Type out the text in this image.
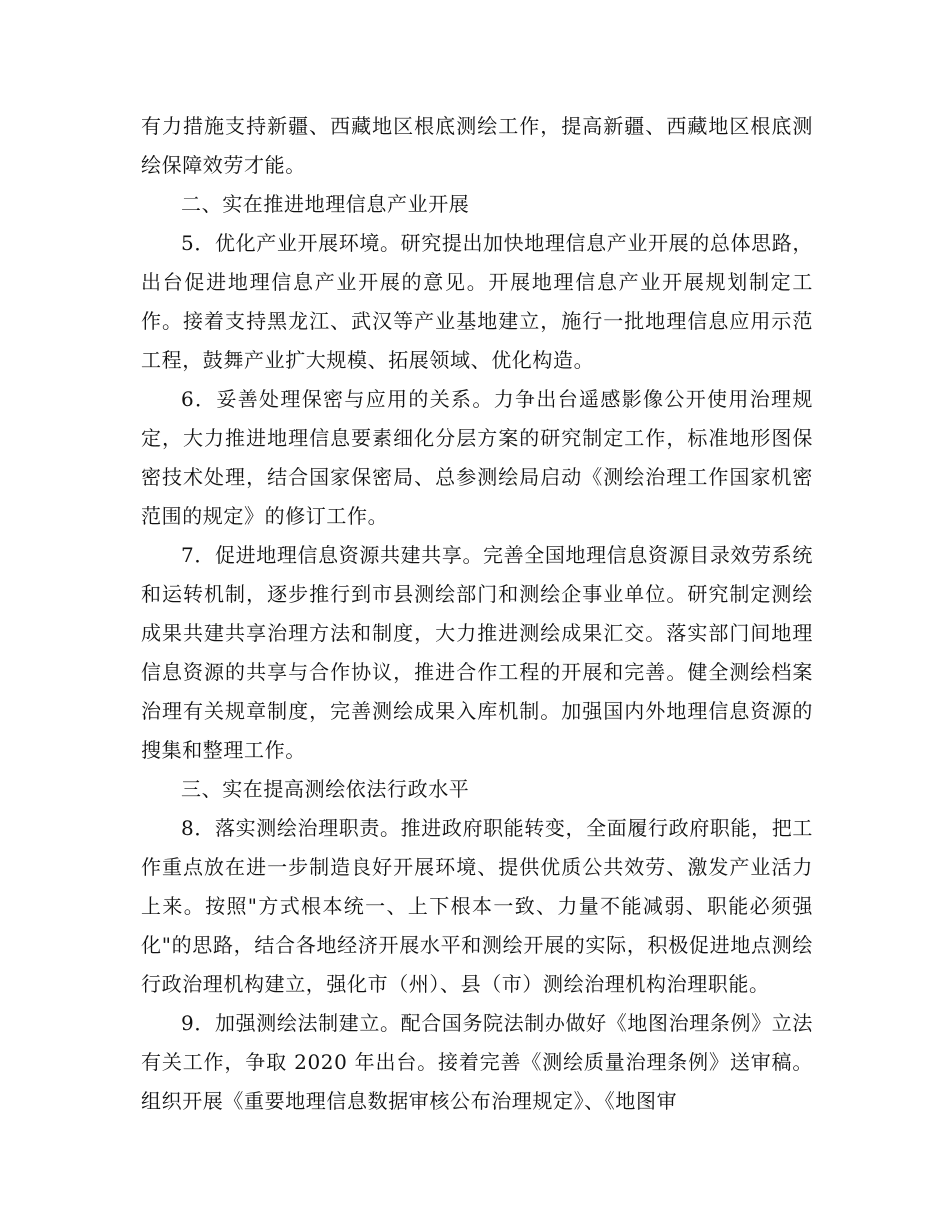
有力措施支持新疆、西藏地区根底测绘工作，提高新疆、西藏地区根底测绘保障效劳才能。

二、实在推进地理信息产业开展

5．优化产业开展环境。研究提出加快地理信息产业开展的总体思路，出台促进地理信息产业开展的意见。开展地理信息产业开展规划制定工作。接着支持黑龙江、武汉等产业基地建立，施行一批地理信息应用示范工程，鼓舞产业扩大规模、拓展领域、优化构造。

6．妥善处理保密与应用的关系。力争出台遥感影像公开使用治理规定，大力推进地理信息要素细化分层方案的研究制定工作，标准地形图保密技术处理，结合国家保密局、总参测绘局启动《测绘治理工作国家机密范围的规定》的修订工作。

7．促进地理信息资源共建共享。完善全国地理信息资源目录效劳系统和运转机制，逐步推行到市县测绘部门和测绘企事业单位。研究制定测绘成果共建共享治理方法和制度，大力推进测绘成果汇交。落实部门间地理信息资源的共享与合作协议，推进合作工程的开展和完善。健全测绘档案治理有关规章制度，完善测绘成果入库机制。加强国内外地理信息资源的搜集和整理工作。

三、实在提高测绘依法行政水平

8．落实测绘治理职责。推进政府职能转变，全面履行政府职能，把工作重点放在进一步制造良好开展环境、提供优质公共效劳、激发产业活力上来。按照"方式根本统一、上下根本一致、力量不能减弱、职能必须强化"的思路，结合各地经济开展水平和测绘开展的实际，积极促进地点测绘行政治理机构建立，强化市（州）、县（市）测绘治理机构治理职能。

9．加强测绘法制建立。配合国务院法制办做好《地图治理条例》立法有关工作，争取 2020 年出台。接着完善《测绘质量治理条例》送审稿。组织开展《重要地理信息数据审核公布治理规定》、《地图审
